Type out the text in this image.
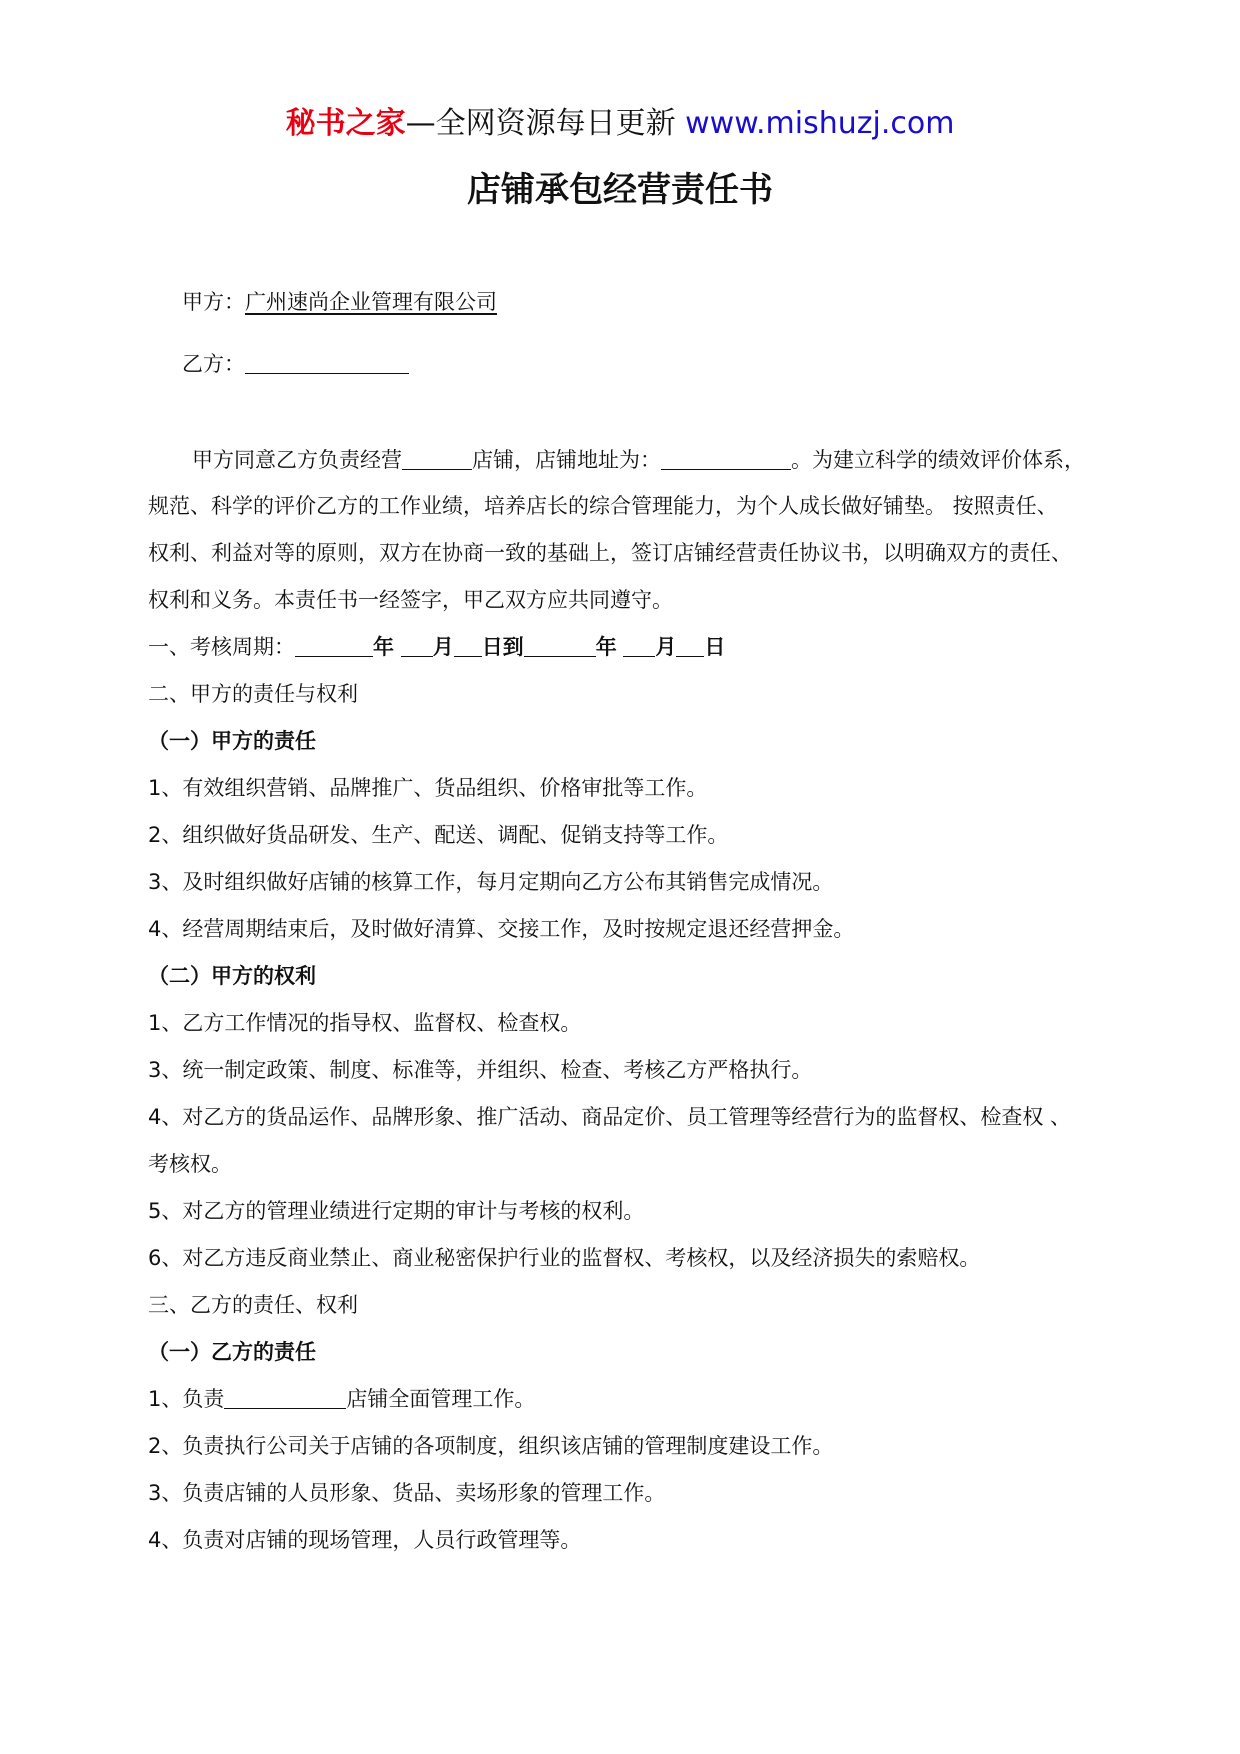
秘书之家—全网资源每日更新 www.mishuzj.com
店铺承包经营责任书
甲方：广州速尚企业管理有限公司
乙方：
甲方同意乙方负责经营	店铺，店铺地址为：	。为建立科学的绩效评价体系，
规范、科学的评价乙方的工作业绩，培养店长的综合管理能力，为个人成长做好铺垫。 按照责任、
权利、利益对等的原则，双方在协商一致的基础上，签订店铺经营责任协议书，以明确双方的责任、
权利和义务。本责任书一经签字，甲乙双方应共同遵守。
一、考核周期：	年 月 日到	年 月 日
二、甲方的责任与权利
（一）甲方的责任
1、有效组织营销、品牌推广、货品组织、价格审批等工作。
2、组织做好货品研发、生产、配送、调配、促销支持等工作。
3、及时组织做好店铺的核算工作，每月定期向乙方公布其销售完成情况。
4、经营周期结束后，及时做好清算、交接工作，及时按规定退还经营押金。
（二）甲方的权利
1、乙方工作情况的指导权、监督权、检查权。
3、统一制定政策、制度、标准等，并组织、检查、考核乙方严格执行。
4、对乙方的货品运作、品牌形象、推广活动、商品定价、员工管理等经营行为的监督权、检查权 、
考核权。
5、对乙方的管理业绩进行定期的审计与考核的权利。
6、对乙方违反商业禁止、商业秘密保护行业的监督权、考核权，以及经济损失的索赔权。
三、乙方的责任、权利
（一）乙方的责任
1、负责	店铺全面管理工作。
2、负责执行公司关于店铺的各项制度，组织该店铺的管理制度建设工作。
3、负责店铺的人员形象、货品、卖场形象的管理工作。
4、负责对店铺的现场管理，人员行政管理等。
